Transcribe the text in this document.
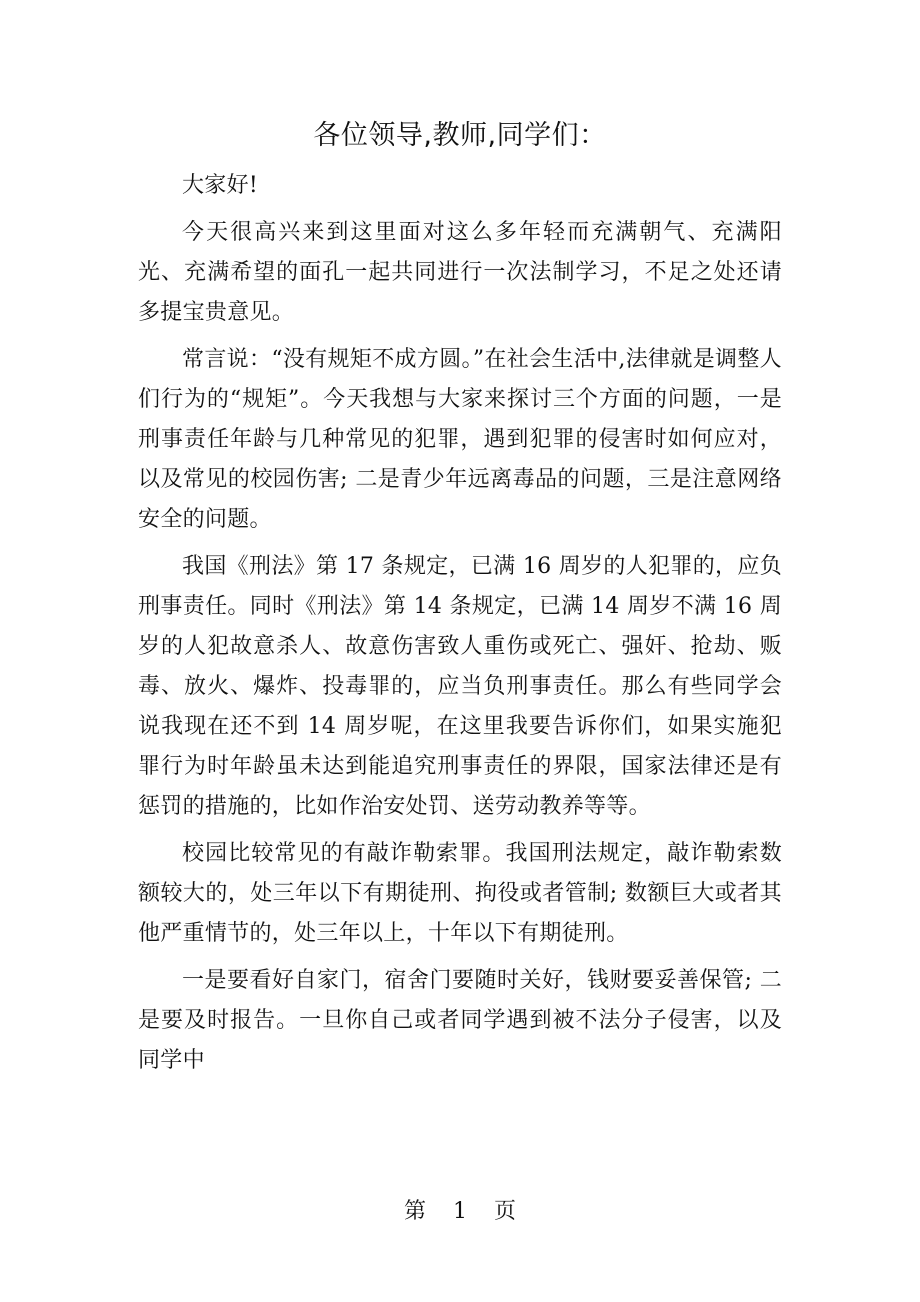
各位领导,教师,同学们：

大家好!

今天很高兴来到这里面对这么多年轻而充满朝气、充满阳光、充满希望的面孔一起共同进行一次法制学习，不足之处还请多提宝贵意见。

常言说：“没有规矩不成方圆。”在社会生活中,法律就是调整人们行为的“规矩”。今天我想与大家来探讨三个方面的问题，一是刑事责任年龄与几种常见的犯罪，遇到犯罪的侵害时如何应对，以及常见的校园伤害; 二是青少年远离毒品的问题，三是注意网络安全的问题。

我国《刑法》第 17 条规定，已满 16 周岁的人犯罪的，应负刑事责任。同时《刑法》第 14 条规定，已满 14 周岁不满 16 周岁的人犯故意杀人、故意伤害致人重伤或死亡、强奸、抢劫、贩毒、放火、爆炸、投毒罪的，应当负刑事责任。那么有些同学会说我现在还不到 14 周岁呢，在这里我要告诉你们，如果实施犯罪行为时年龄虽未达到能追究刑事责任的界限，国家法律还是有惩罚的措施的，比如作治安处罚、送劳动教养等等。

校园比较常见的有敲诈勒索罪。我国刑法规定，敲诈勒索数额较大的，处三年以下有期徒刑、拘役或者管制; 数额巨大或者其他严重情节的，处三年以上，十年以下有期徒刑。

一是要看好自家门，宿舍门要随时关好，钱财要妥善保管; 二是要及时报告。一旦你自己或者同学遇到被不法分子侵害，以及同学中

第 1 页
